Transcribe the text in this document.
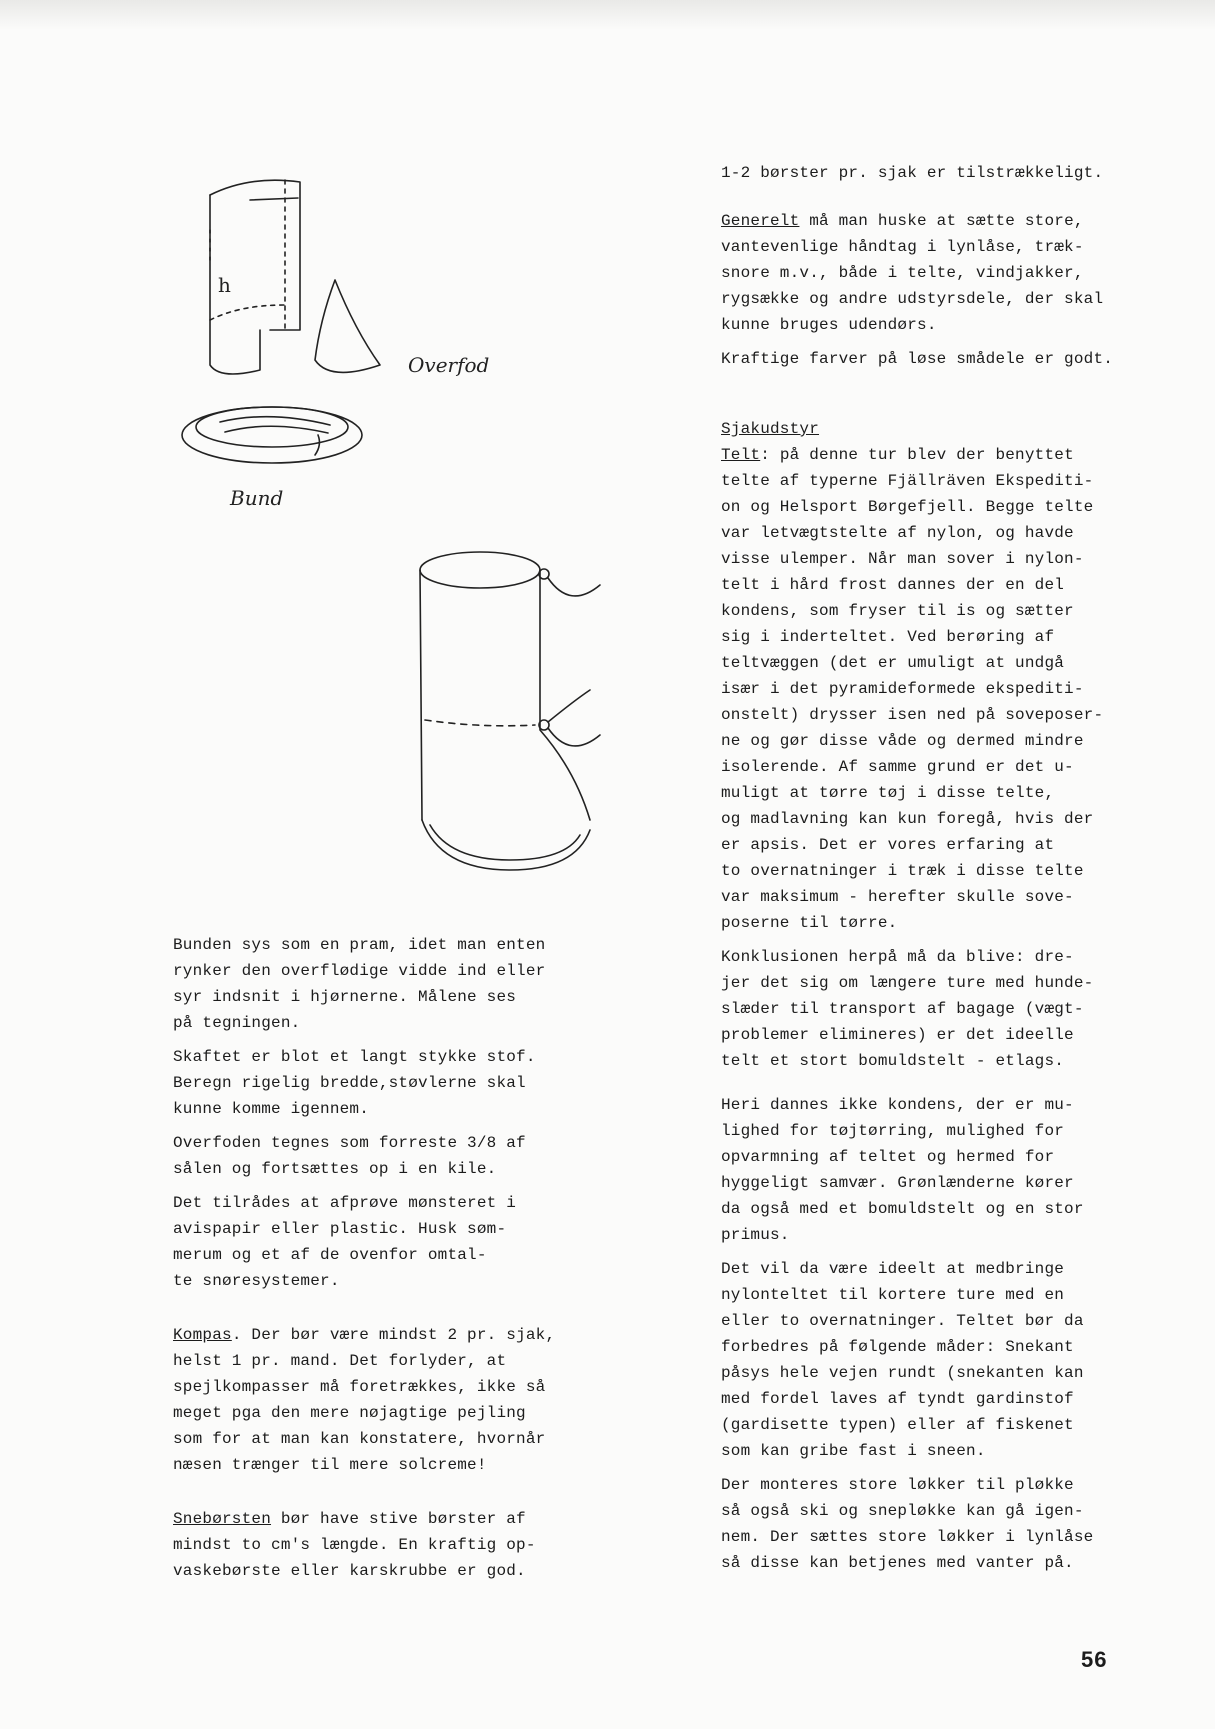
h
Overfod
Bund

Bunden sys som en pram, idet man enten
rynker den overflødige vidde ind eller
syr indsnit i hjørnerne. Målene ses
på tegningen.

Skaftet er blot et langt stykke stof.
Beregn rigelig bredde,støvlerne skal
kunne komme igennem.

Overfoden tegnes som forreste 3/8 af
sålen og fortsættes op i en kile.

Det tilrådes at afprøve mønsteret i
avispapir eller plastic. Husk søm-
merum og et af de ovenfor omtal-
te snøresystemer.

Kompas. Der bør være mindst 2 pr. sjak,
helst 1 pr. mand. Det forlyder, at
spejlkompasser må foretrækkes, ikke så
meget pga den mere nøjagtige pejling
som for at man kan konstatere, hvornår
næsen trænger til mere solcreme!

Snebørsten bør have stive børster af
mindst to cm's længde. En kraftig op-
vaskebørste eller karskrubbe er god.

1-2 børster pr. sjak er tilstrækkeligt.

Generelt må man huske at sætte store,
vantevenlige håndtag i lynlåse, træk-
snore m.v., både i telte, vindjakker,
rygsække og andre udstyrsdele, der skal
kunne bruges udendørs.

Kraftige farver på løse smådele er godt.

Sjakudstyr

Telt: på denne tur blev der benyttet
telte af typerne Fjällräven Ekspediti-
on og Helsport Børgefjell. Begge telte
var letvægtstelte af nylon, og havde
visse ulemper. Når man sover i nylon-
telt i hård frost dannes der en del
kondens, som fryser til is og sætter
sig i inderteltet. Ved berøring af
teltvæggen (det er umuligt at undgå
især i det pyramideformede ekspediti-
onstelt) drysser isen ned på soveposer-
ne og gør disse våde og dermed mindre
isolerende. Af samme grund er det u-
muligt at tørre tøj i disse telte,
og madlavning kan kun foregå, hvis der
er apsis. Det er vores erfaring at
to overnatninger i træk i disse telte
var maksimum - herefter skulle sove-
poserne til tørre.

Konklusionen herpå må da blive: dre-
jer det sig om længere ture med hunde-
slæder til transport af bagage (vægt-
problemer elimineres) er det ideelle
telt et stort bomuldstelt - etlags.

Heri dannes ikke kondens, der er mu-
lighed for tøjtørring, mulighed for
opvarmning af teltet og hermed for
hyggeligt samvær. Grønlænderne kører
da også med et bomuldstelt og en stor
primus.

Det vil da være ideelt at medbringe
nylonteltet til kortere ture med en
eller to overnatninger. Teltet bør da
forbedres på følgende måder: Snekant
påsys hele vejen rundt (snekanten kan
med fordel laves af tyndt gardinstof
(gardisette typen) eller af fiskenet
som kan gribe fast i sneen.

Der monteres store løkker til pløkke
så også ski og snepløkke kan gå igen-
nem. Der sættes store løkker i lynlåse
så disse kan betjenes med vanter på.

56
